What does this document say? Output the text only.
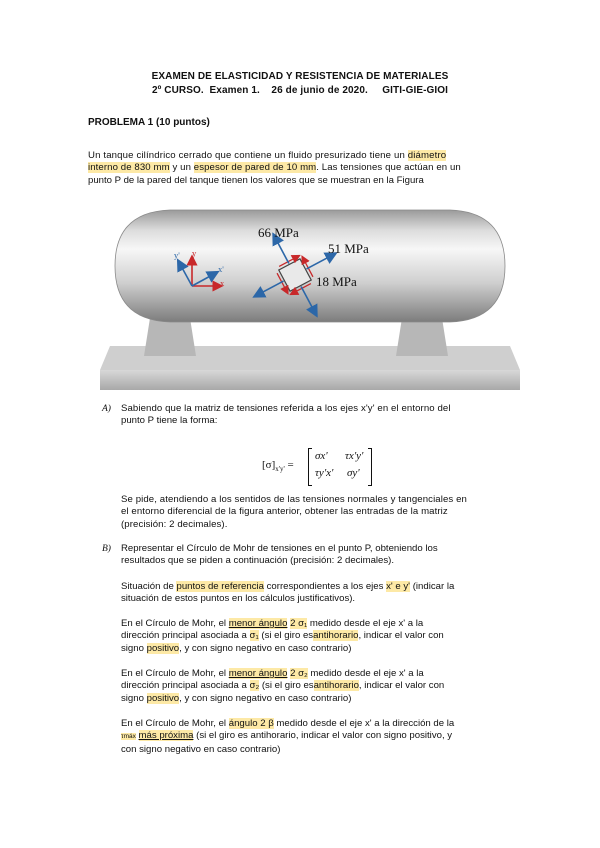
EXAMEN DE ELASTICIDAD Y RESISTENCIA DE MATERIALES
2º CURSO. Examen 1. 26 de junio de 2020. GITI-GIE-GIOI
PROBLEMA 1 (10 puntos)
Un tanque cilíndrico cerrado que contiene un fluido presurizado tiene un diámetro
interno de 830 mm y un espesor de pared de 10 mm. Las tensiones que actúan en un
punto P de la pared del tanque tienen los valores que se muestran en la Figura
66 MPa
51 MPa
18 MPa
y' y
x'
x
A) Sabiendo que la matriz de tensiones referida a los ejes x'y' en el entorno del
punto P tiene la forma:
$[\sigma]_{x'y'}$ =
σx' τx'y'
τy'x' σy'
Se pide, atendiendo a los sentidos de las tensiones normales y tangenciales en
el entorno diferencial de la figura anterior, obtener las entradas de la matriz
(precisión: 2 decimales).
B) Representar el Círculo de Mohr de tensiones en el punto P, obteniendo los
resultados que se piden a continuación (precisión: 2 decimales).
Situación de puntos de referencia correspondientes a los ejes x' e y' (indicar la
situación de estos puntos en los cálculos justificativos).
En el Círculo de Mohr, el menor ángulo 2 σ₁ medido desde el eje x' a la
dirección principal asociada a σ₁ (si el giro esantihorario, indicar el valor con
signo positivo, y con signo negativo en caso contrario)
En el Círculo de Mohr, el menor ángulo 2 σ₂ medido desde el eje x' a la
dirección principal asociada a σ₂ (si el giro esantihorario, indicar el valor con
signo positivo, y con signo negativo en caso contrario)
En el Círculo de Mohr, el ángulo 2 β medido desde el eje x' a la dirección de la
τmáx más próxima (si el giro es antihorario, indicar el valor con signo positivo, y
con signo negativo en caso contrario)
